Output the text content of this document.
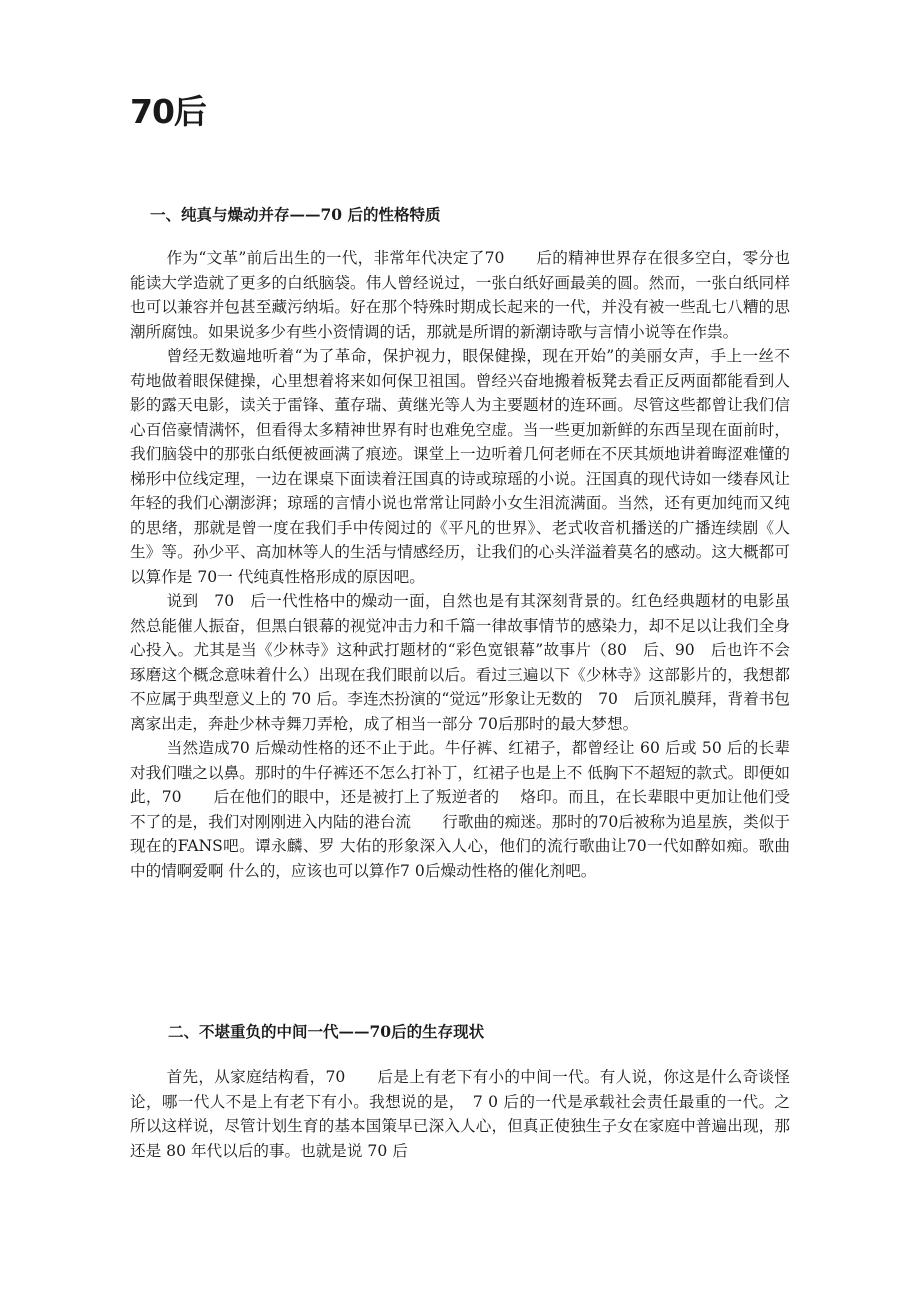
70后
一、纯真与燥动并存——70 后的性格特质

作为“文革”前后出生的一代，非常年代决定了70　　后的精神世界存在很多空白，零分也能读大学造就了更多的白纸脑袋。伟人曾经说过，一张白纸好画最美的圆。然而，一张白纸同样也可以兼容并包甚至藏污纳垢。好在那个特殊时期成长起来的一代，并没有被一些乱七八糟的思潮所腐蚀。如果说多少有些小资情调的话，那就是所谓的新潮诗歌与言情小说等在作祟。

曾经无数遍地听着“为了革命，保护视力，眼保健操，现在开始”的美丽女声，手上一丝不苟地做着眼保健操，心里想着将来如何保卫祖国。曾经兴奋地搬着板凳去看正反两面都能看到人影的露天电影，读关于雷锋、董存瑞、黄继光等人为主要题材的连环画。尽管这些都曾让我们信心百倍豪情满怀，但看得太多精神世界有时也难免空虚。当一些更加新鲜的东西呈现在面前时，我们脑袋中的那张白纸便被画满了痕迹。课堂上一边听着几何老师在不厌其烦地讲着晦涩难懂的梯形中位线定理，一边在课桌下面读着汪国真的诗或琼瑶的小说。汪国真的现代诗如一缕春风让年轻的我们心潮澎湃；琼瑶的言情小说也常常让同龄小女生泪流满面。当然，还有更加纯而又纯的思绪，那就是曾一度在我们手中传阅过的《平凡的世界》、老式收音机播送的广播连续剧《人生》等。孙少平、高加林等人的生活与情感经历，让我们的心头洋溢着莫名的感动。这大概都可以算作是 70一 代纯真性格形成的原因吧。

说到　70　后一代性格中的燥动一面，自然也是有其深刻背景的。红色经典题材的电影虽然总能催人振奋，但黑白银幕的视觉冲击力和千篇一律故事情节的感染力，却不足以让我们全身心投入。尤其是当《少林寺》这种武打题材的“彩色宽银幕”故事片（80　后、90　后也许不会琢磨这个概念意味着什么）出现在我们眼前以后。看过三遍以下《少林寺》这部影片的，我想都不应属于典型意义上的 70 后。李连杰扮演的“觉远”形象让无数的　70　后顶礼膜拜，背着书包离家出走，奔赴少林寺舞刀弄枪，成了相当一部分 70后那时的最大梦想。

当然造成70 后燥动性格的还不止于此。牛仔裤、红裙子，都曾经让 60 后或 50 后的长辈对我们嗤之以鼻。那时的牛仔裤还不怎么打补丁，红裙子也是上不 低胸下不超短的款式。即便如此，70　　后在他们的眼中，还是被打上了叛逆者的　 烙印。而且，在长辈眼中更加让他们受不了的是，我们对刚刚进入内陆的港台流　　行歌曲的痴迷。那时的70后被称为追星族，类似于现在的FANS吧。谭永麟、罗 大佑的形象深入人心，他们的流行歌曲让70一代如醉如痴。歌曲中的情啊爱啊 什么的，应该也可以算作7 0后燥动性格的催化剂吧。

二、不堪重负的中间一代——70后的生存现状

首先，从家庭结构看，70　　后是上有老下有小的中间一代。有人说，你这是什么奇谈怪论，哪一代人不是上有老下有小。我想说的是，　7 0 后的一代是承载社会责任最重的一代。之所以这样说，尽管计划生育的基本国策早已深入人心，但真正使独生子女在家庭中普遍出现，那还是 80 年代以后的事。也就是说 70 后
